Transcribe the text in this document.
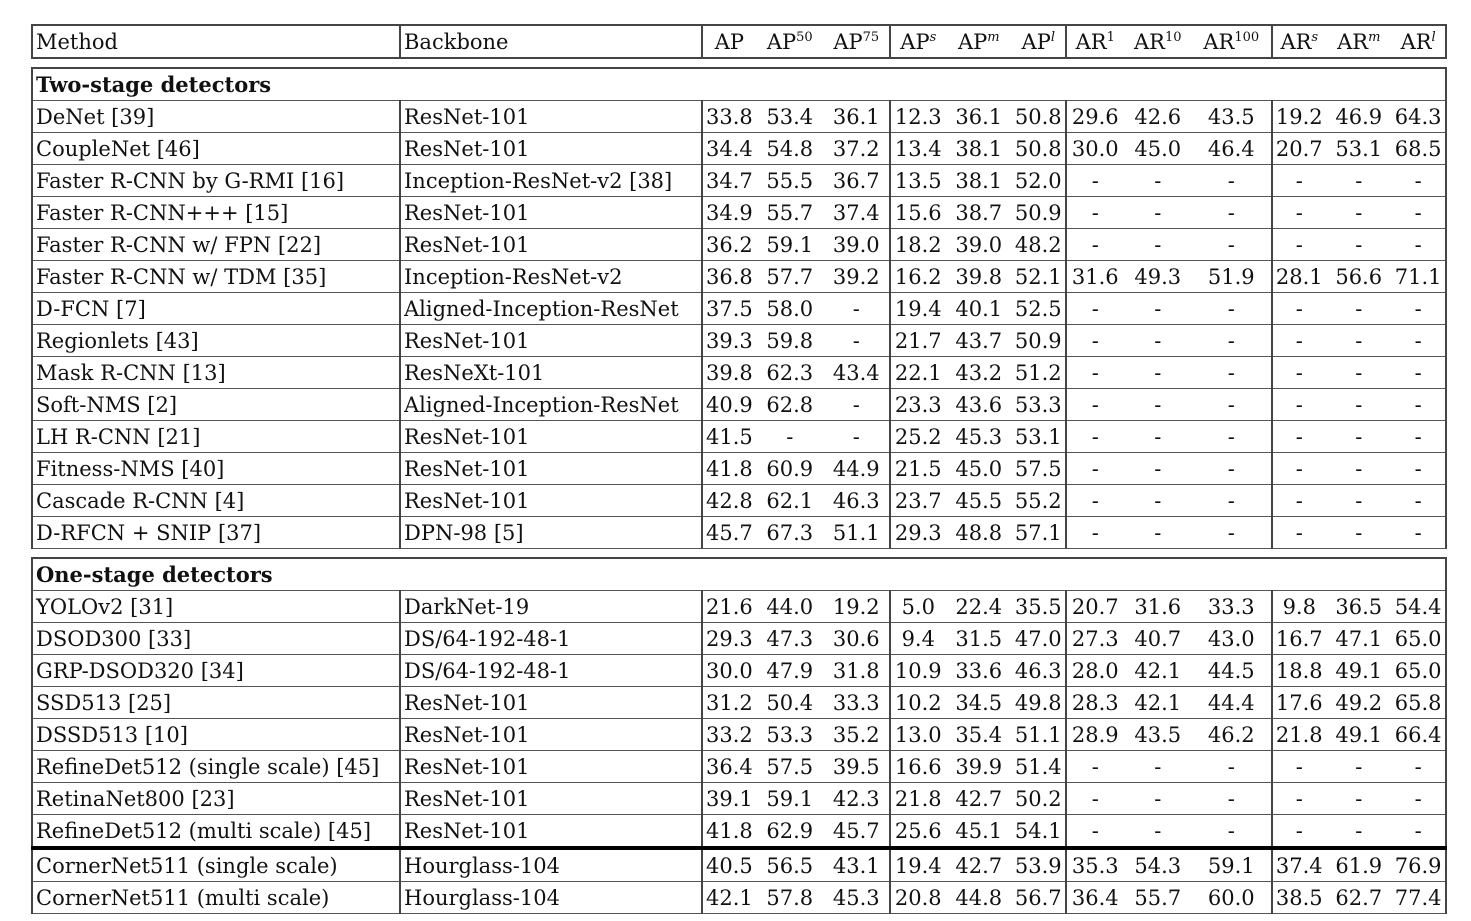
Method	Backbone	AP	AP$^{50}$	AP$^{75}$	$AP^s$	$AP^m$	$AP^l$	$AR^1$	AR$^{10}$	AR$^{100}$	$AR^s$	$AR^m$	$AR^l$

Two-stage detectors													
DeNet [39]	ResNet-101	33.8	53.4	36.1	12.3	36.1	50.8	29.6	42.6	43.5	19.2	46.9	64.3
CoupleNet [46]	ResNet-101	34.4	54.8	37.2	13.4	38.1	50.8	30.0	45.0	46.4	20.7	53.1	68.5
Faster R-CNN by G-RMI [16]	Inception-ResNet-v2 [38]	34.7	55.5	36.7	13.5	38.1	52.0	-	-	-	-	-	-
Faster R-CNN+++ [15]	ResNet-101	34.9	55.7	37.4	15.6	38.7	50.9	-	-	-	-	-	-
Faster R-CNN w/ FPN [22]	ResNet-101	36.2	59.1	39.0	18.2	39.0	48.2	-	-	-	-	-	-
Faster R-CNN w/ TDM [35]	Inception-ResNet-v2	36.8	57.7	39.2	16.2	39.8	52.1	31.6	49.3	51.9	28.1	56.6	71.1
D-FCN [7]	Aligned-Inception-ResNet	37.5	58.0	-	19.4	40.1	52.5	-	-	-	-	-	-
Regionlets [43]	ResNet-101	39.3	59.8	-	21.7	43.7	50.9	-	-	-	-	-	-
Mask R-CNN [13]	ResNeXt-101	39.8	62.3	43.4	22.1	43.2	51.2	-	-	-	-	-	-
Soft-NMS [2]	Aligned-Inception-ResNet	40.9	62.8	-	23.3	43.6	53.3	-	-	-	-	-	-
LH R-CNN [21]	ResNet-101	41.5	-	-	25.2	45.3	53.1	-	-	-	-	-	-
Fitness-NMS [40]	ResNet-101	41.8	60.9	44.9	21.5	45.0	57.5	-	-	-	-	-	-
Cascade R-CNN [4]	ResNet-101	42.8	62.1	46.3	23.7	45.5	55.2	-	-	-	-	-	-
D-RFCN + SNIP [37]	DPN-98 [5]	45.7	67.3	51.1	29.3	48.8	57.1	-	-	-	-	-	-

One-stage detectors													
YOLOv2 [31]	DarkNet-19	21.6	44.0	19.2	5.0	22.4	35.5	20.7	31.6	33.3	9.8	36.5	54.4
DSOD300 [33]	DS/64-192-48-1	29.3	47.3	30.6	9.4	31.5	47.0	27.3	40.7	43.0	16.7	47.1	65.0
GRP-DSOD320 [34]	DS/64-192-48-1	30.0	47.9	31.8	10.9	33.6	46.3	28.0	42.1	44.5	18.8	49.1	65.0
SSD513 [25]	ResNet-101	31.2	50.4	33.3	10.2	34.5	49.8	28.3	42.1	44.4	17.6	49.2	65.8
DSSD513 [10]	ResNet-101	33.2	53.3	35.2	13.0	35.4	51.1	28.9	43.5	46.2	21.8	49.1	66.4
RefineDet512 (single scale) [45]	ResNet-101	36.4	57.5	39.5	16.6	39.9	51.4	-	-	-	-	-	-
RetinaNet800 [23]	ResNet-101	39.1	59.1	42.3	21.8	42.7	50.2	-	-	-	-	-	-
RefineDet512 (multi scale) [45]	ResNet-101	41.8	62.9	45.7	25.6	45.1	54.1	-	-	-	-	-	-
CornerNet511 (single scale)	Hourglass-104	40.5	56.5	43.1	19.4	42.7	53.9	35.3	54.3	59.1	37.4	61.9	76.9
CornerNet511 (multi scale)	Hourglass-104	42.1	57.8	45.3	20.8	44.8	56.7	36.4	55.7	60.0	38.5	62.7	77.4
